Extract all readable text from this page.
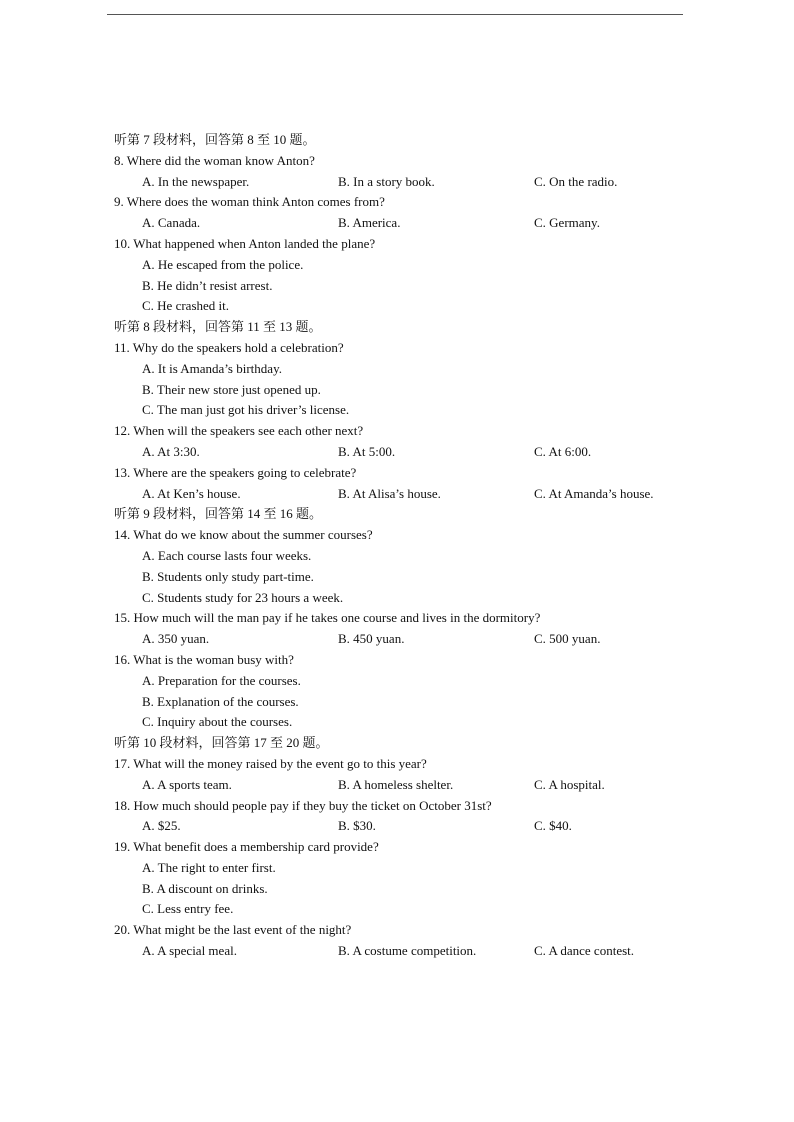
听第 7 段材料，回答第 8 至 10 题。
8. Where did the woman know Anton?
A. In the newspaper.	B. In a story book.	C. On the radio.
9. Where does the woman think Anton comes from?
A. Canada.	B. America.	C. Germany.
10. What happened when Anton landed the plane?
A. He escaped from the police.
B. He didn’t resist arrest.
C. He crashed it.
听第 8 段材料，回答第 11 至 13 题。
11. Why do the speakers hold a celebration?
A. It is Amanda’s birthday.
B. Their new store just opened up.
C. The man just got his driver’s license.
12. When will the speakers see each other next?
A. At 3:30.	B. At 5:00.	C. At 6:00.
13. Where are the speakers going to celebrate?
A. At Ken’s house.	B. At Alisa’s house.	C. At Amanda’s house.
听第 9 段材料，回答第 14 至 16 题。
14. What do we know about the summer courses?
A. Each course lasts four weeks.
B. Students only study part-time.
C. Students study for 23 hours a week.
15. How much will the man pay if he takes one course and lives in the dormitory?
A. 350 yuan.	B. 450 yuan.	C. 500 yuan.
16. What is the woman busy with?
A. Preparation for the courses.
B. Explanation of the courses.
C. Inquiry about the courses.
听第 10 段材料，回答第 17 至 20 题。
17. What will the money raised by the event go to this year?
A. A sports team.	B. A homeless shelter.	C. A hospital.
18. How much should people pay if they buy the ticket on October 31st?
A. $25.	B. $30.	C. $40.
19. What benefit does a membership card provide?
A. The right to enter first.
B. A discount on drinks.
C. Less entry fee.
20. What might be the last event of the night?
A. A special meal.	B. A costume competition.	C. A dance contest.
